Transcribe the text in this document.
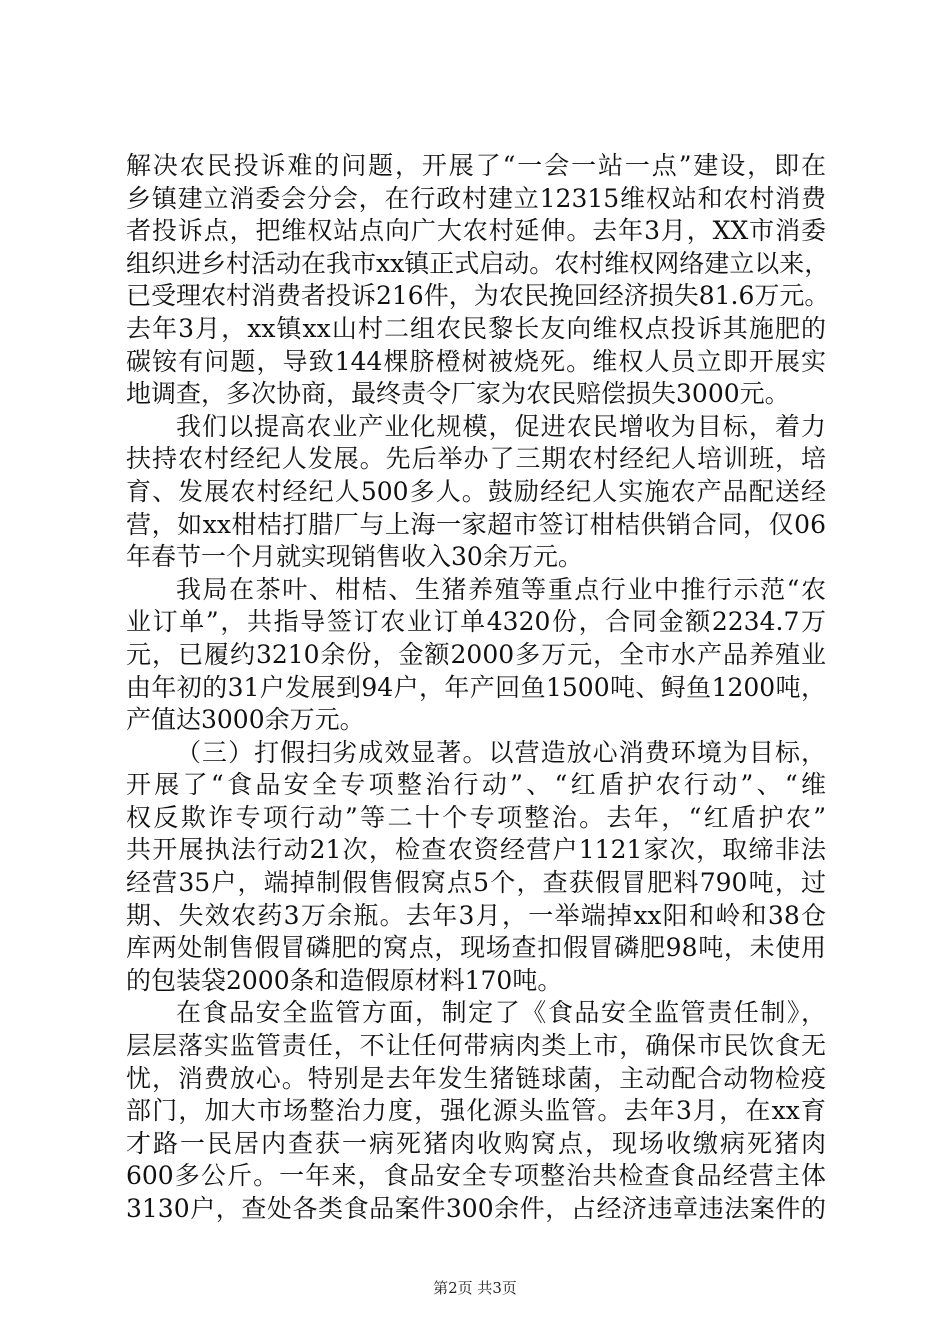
解决农民投诉难的问题，开展了“一会一站一点”建设，即在
乡镇建立消委会分会，在行政村建立12315维权站和农村消费
者投诉点，把维权站点向广大农村延伸。去年3月，XX市消委
组织进乡村活动在我市xx镇正式启动。农村维权网络建立以来，
已受理农村消费者投诉216件，为农民挽回经济损失81.6万元。
去年3月，xx镇xx山村二组农民黎长友向维权点投诉其施肥的
碳铵有问题，导致144棵脐橙树被烧死。维权人员立即开展实
地调查，多次协商，最终责令厂家为农民赔偿损失3000元。
我们以提高农业产业化规模，促进农民增收为目标，着力
扶持农村经纪人发展。先后举办了三期农村经纪人培训班，培
育、发展农村经纪人500多人。鼓励经纪人实施农产品配送经
营，如xx柑桔打腊厂与上海一家超市签订柑桔供销合同，仅06
年春节一个月就实现销售收入30余万元。
我局在茶叶、柑桔、生猪养殖等重点行业中推行示范“农
业订单”，共指导签订农业订单4320份，合同金额2234.7万
元，已履约3210余份，金额2000多万元，全市水产品养殖业
由年初的31户发展到94户，年产回鱼1500吨、鲟鱼1200吨，
产值达3000余万元。
（三）打假扫劣成效显著。以营造放心消费环境为目标，
开展了“食品安全专项整治行动”、“红盾护农行动”、“维
权反欺诈专项行动”等二十个专项整治。去年，“红盾护农”
共开展执法行动21次，检查农资经营户1121家次，取缔非法
经营35户，端掉制假售假窝点5个，查获假冒肥料790吨，过
期、失效农药3万余瓶。去年3月，一举端掉xx阳和岭和38仓
库两处制售假冒磷肥的窝点，现场查扣假冒磷肥98吨，未使用
的包装袋2000条和造假原材料170吨。
在食品安全监管方面，制定了《食品安全监管责任制》，
层层落实监管责任，不让任何带病肉类上市，确保市民饮食无
忧，消费放心。特别是去年发生猪链球菌，主动配合动物检疫
部门，加大市场整治力度，强化源头监管。去年3月，在xx育
才路一民居内查获一病死猪肉收购窝点，现场收缴病死猪肉
600多公斤。一年来，食品安全专项整治共检查食品经营主体
3130户，查处各类食品案件300余件，占经济违章违法案件的
第2页 共3页
